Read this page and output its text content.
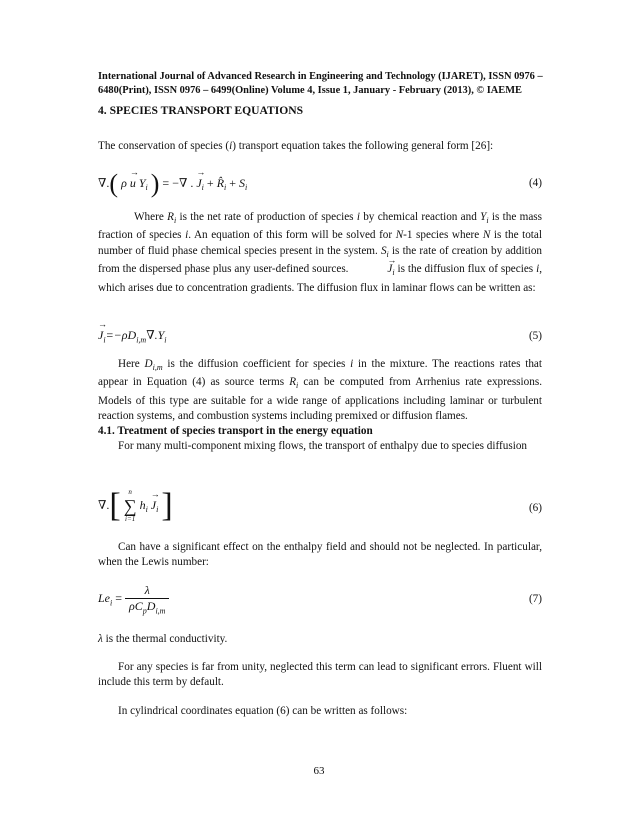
International Journal of Advanced Research in Engineering and Technology (IJARET), ISSN 0976 –
6480(Print), ISSN 0976 – 6499(Online) Volume 4, Issue 1, January - February (2013), © IAEME
4. SPECIES TRANSPORT EQUATIONS
The conservation of species (i) transport equation takes the following general form [26]:
∇.( ρ → u $Y_i$ ) = −∇ . → $J_i$ + $R̂_i + S_i$	(4)
Where $R_i$ is the net rate of production of species i by chemical reaction and $Y_i$ is the mass fraction of species i. An equation of this form will be solved for N-1 species where N is the total number of fluid phase chemical species present in the system. $S_i$ is the rate of creation by addition from the dispersed phase plus any user-defined sources.	→ $J_i$ is the diffusion flux of species i, which arises due to concentration gradients. The diffusion flux in laminar flows can be written as:
→ $J_i=-\rho D_{i,m}\nabla.Y_i$	(5)
Here $D_{i,m}$ is the diffusion coefficient for species i in the mixture. The reactions rates that appear in Equation (4) as source terms $R_i$ can be computed from Arrhenius rate expressions. Models of this type are suitable for a wide range of applications including laminar or turbulent reaction systems, and combustion systems including premixed or diffusion flames.
4.1. Treatment of species transport in the energy equation
For many multi-component mixing flows, the transport of enthalpy due to species diffusion
∇.[	n
∑
i=1
$h_i \to J_i$ ]	(6)
Can have a significant effect on the enthalpy field and should not be neglected. In particular, when the Lewis number:
$Le_i = \frac{\lambda}{\rho C_pD_{i,m}}$	(7)
λ is the thermal conductivity.
For any species is far from unity, neglected this term can lead to significant errors. Fluent will include this term by default.
In cylindrical coordinates equation (6) can be written as follows:
63
